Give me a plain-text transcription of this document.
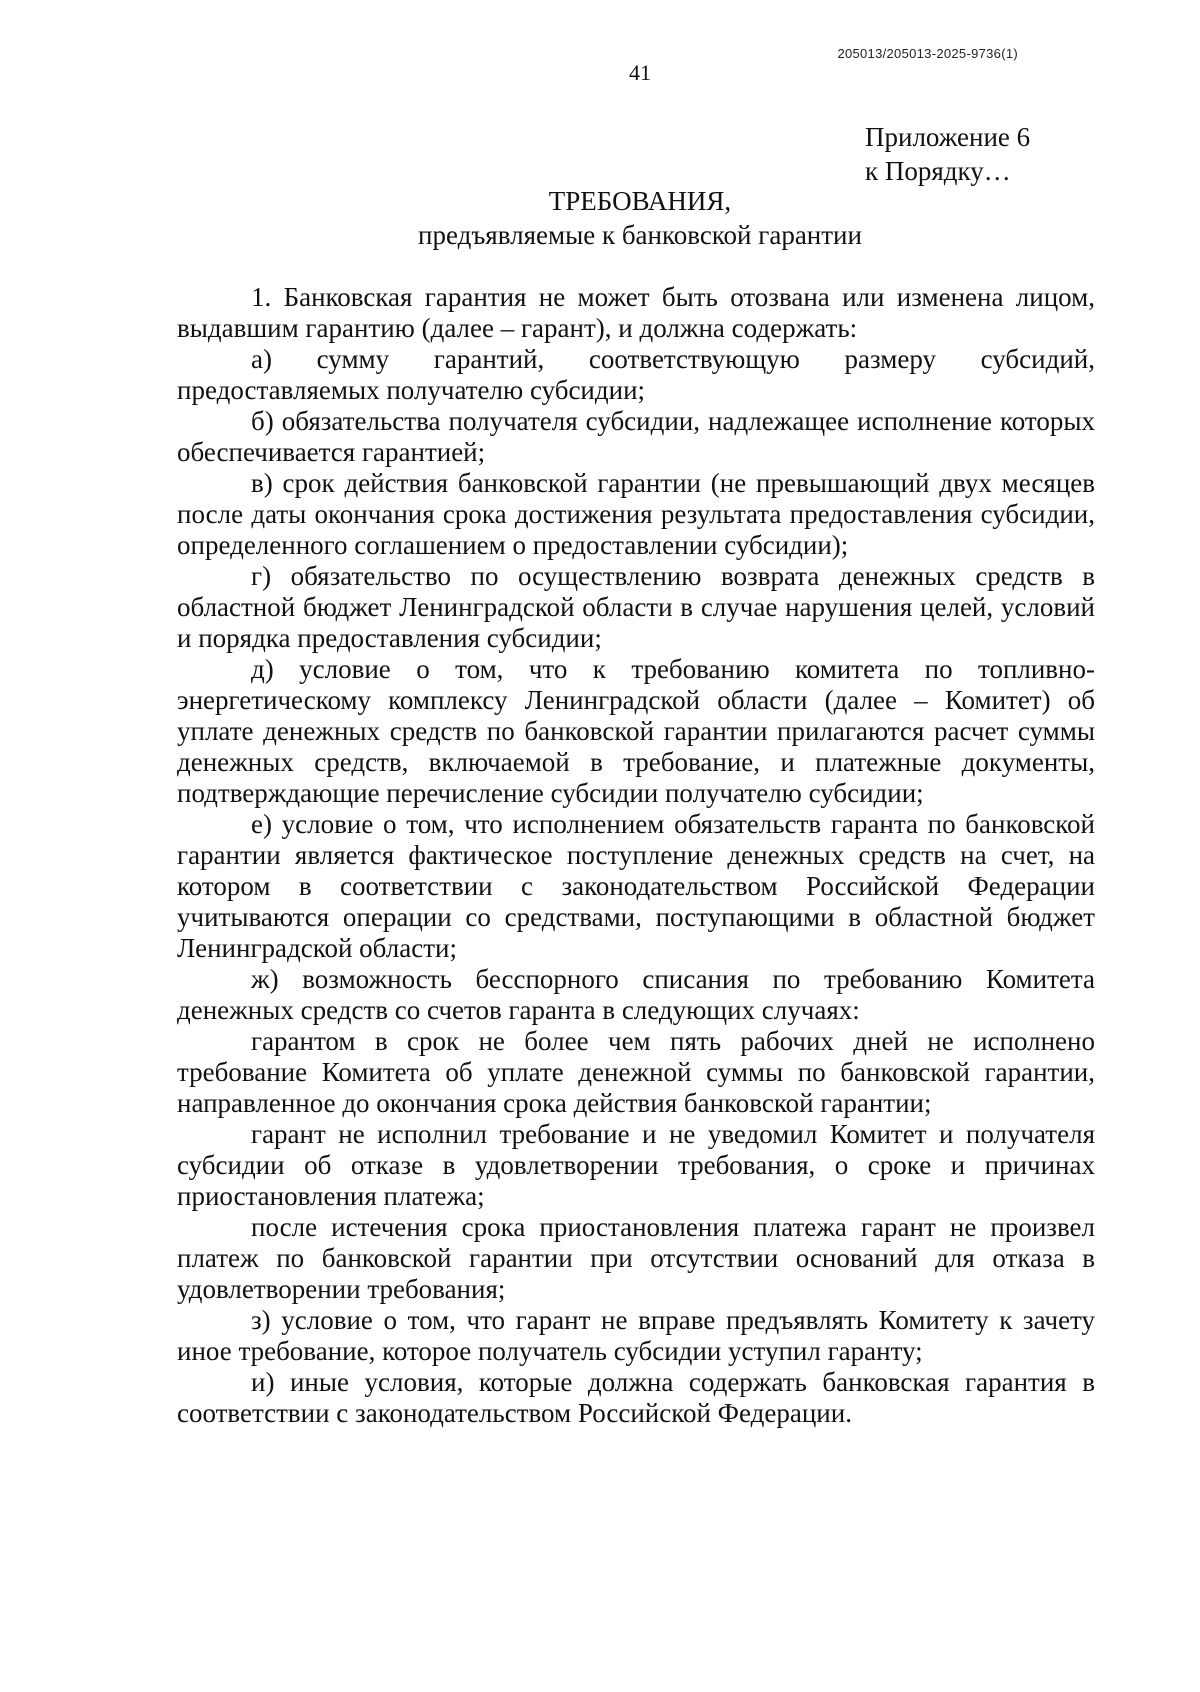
205013/205013-2025-9736(1)
41
Приложение 6
к Порядку…
ТРЕБОВАНИЯ,
предъявляемые к банковской гарантии

1. Банковская гарантия не может быть отозвана или изменена лицом, выдавшим гарантию (далее – гарант), и должна содержать:

а) сумму гарантий, соответствующую размеру субсидий, предоставляемых получателю субсидии;

б) обязательства получателя субсидии, надлежащее исполнение которых обеспечивается гарантией;

в) срок действия банковской гарантии (не превышающий двух месяцев после даты окончания срока достижения результата предоставления субсидии, определенного соглашением о предоставлении субсидии);

г) обязательство по осуществлению возврата денежных средств в областной бюджет Ленинградской области в случае нарушения целей, условий и порядка предоставления субсидии;

д) условие о том, что к требованию комитета по топливно-энергетическому комплексу Ленинградской области (далее – Комитет) об уплате денежных средств по банковской гарантии прилагаются расчет суммы денежных средств, включаемой в требование, и платежные документы, подтверждающие перечисление субсидии получателю субсидии;

е) условие о том, что исполнением обязательств гаранта по банковской гарантии является фактическое поступление денежных средств на счет, на котором в соответствии с законодательством Российской Федерации учитываются операции со средствами, поступающими в областной бюджет Ленинградской области;

ж) возможность бесспорного списания по требованию Комитета денежных средств со счетов гаранта в следующих случаях:

гарантом в срок не более чем пять рабочих дней не исполнено требование Комитета об уплате денежной суммы по банковской гарантии, направленное до окончания срока действия банковской гарантии;

гарант не исполнил требование и не уведомил Комитет и получателя субсидии об отказе в удовлетворении требования, о сроке и причинах приостановления платежа;

после истечения срока приостановления платежа гарант не произвел платеж по банковской гарантии при отсутствии оснований для отказа в удовлетворении требования;

з) условие о том, что гарант не вправе предъявлять Комитету к зачету иное требование, которое получатель субсидии уступил гаранту;

и) иные условия, которые должна содержать банковская гарантия в соответствии с законодательством Российской Федерации.
